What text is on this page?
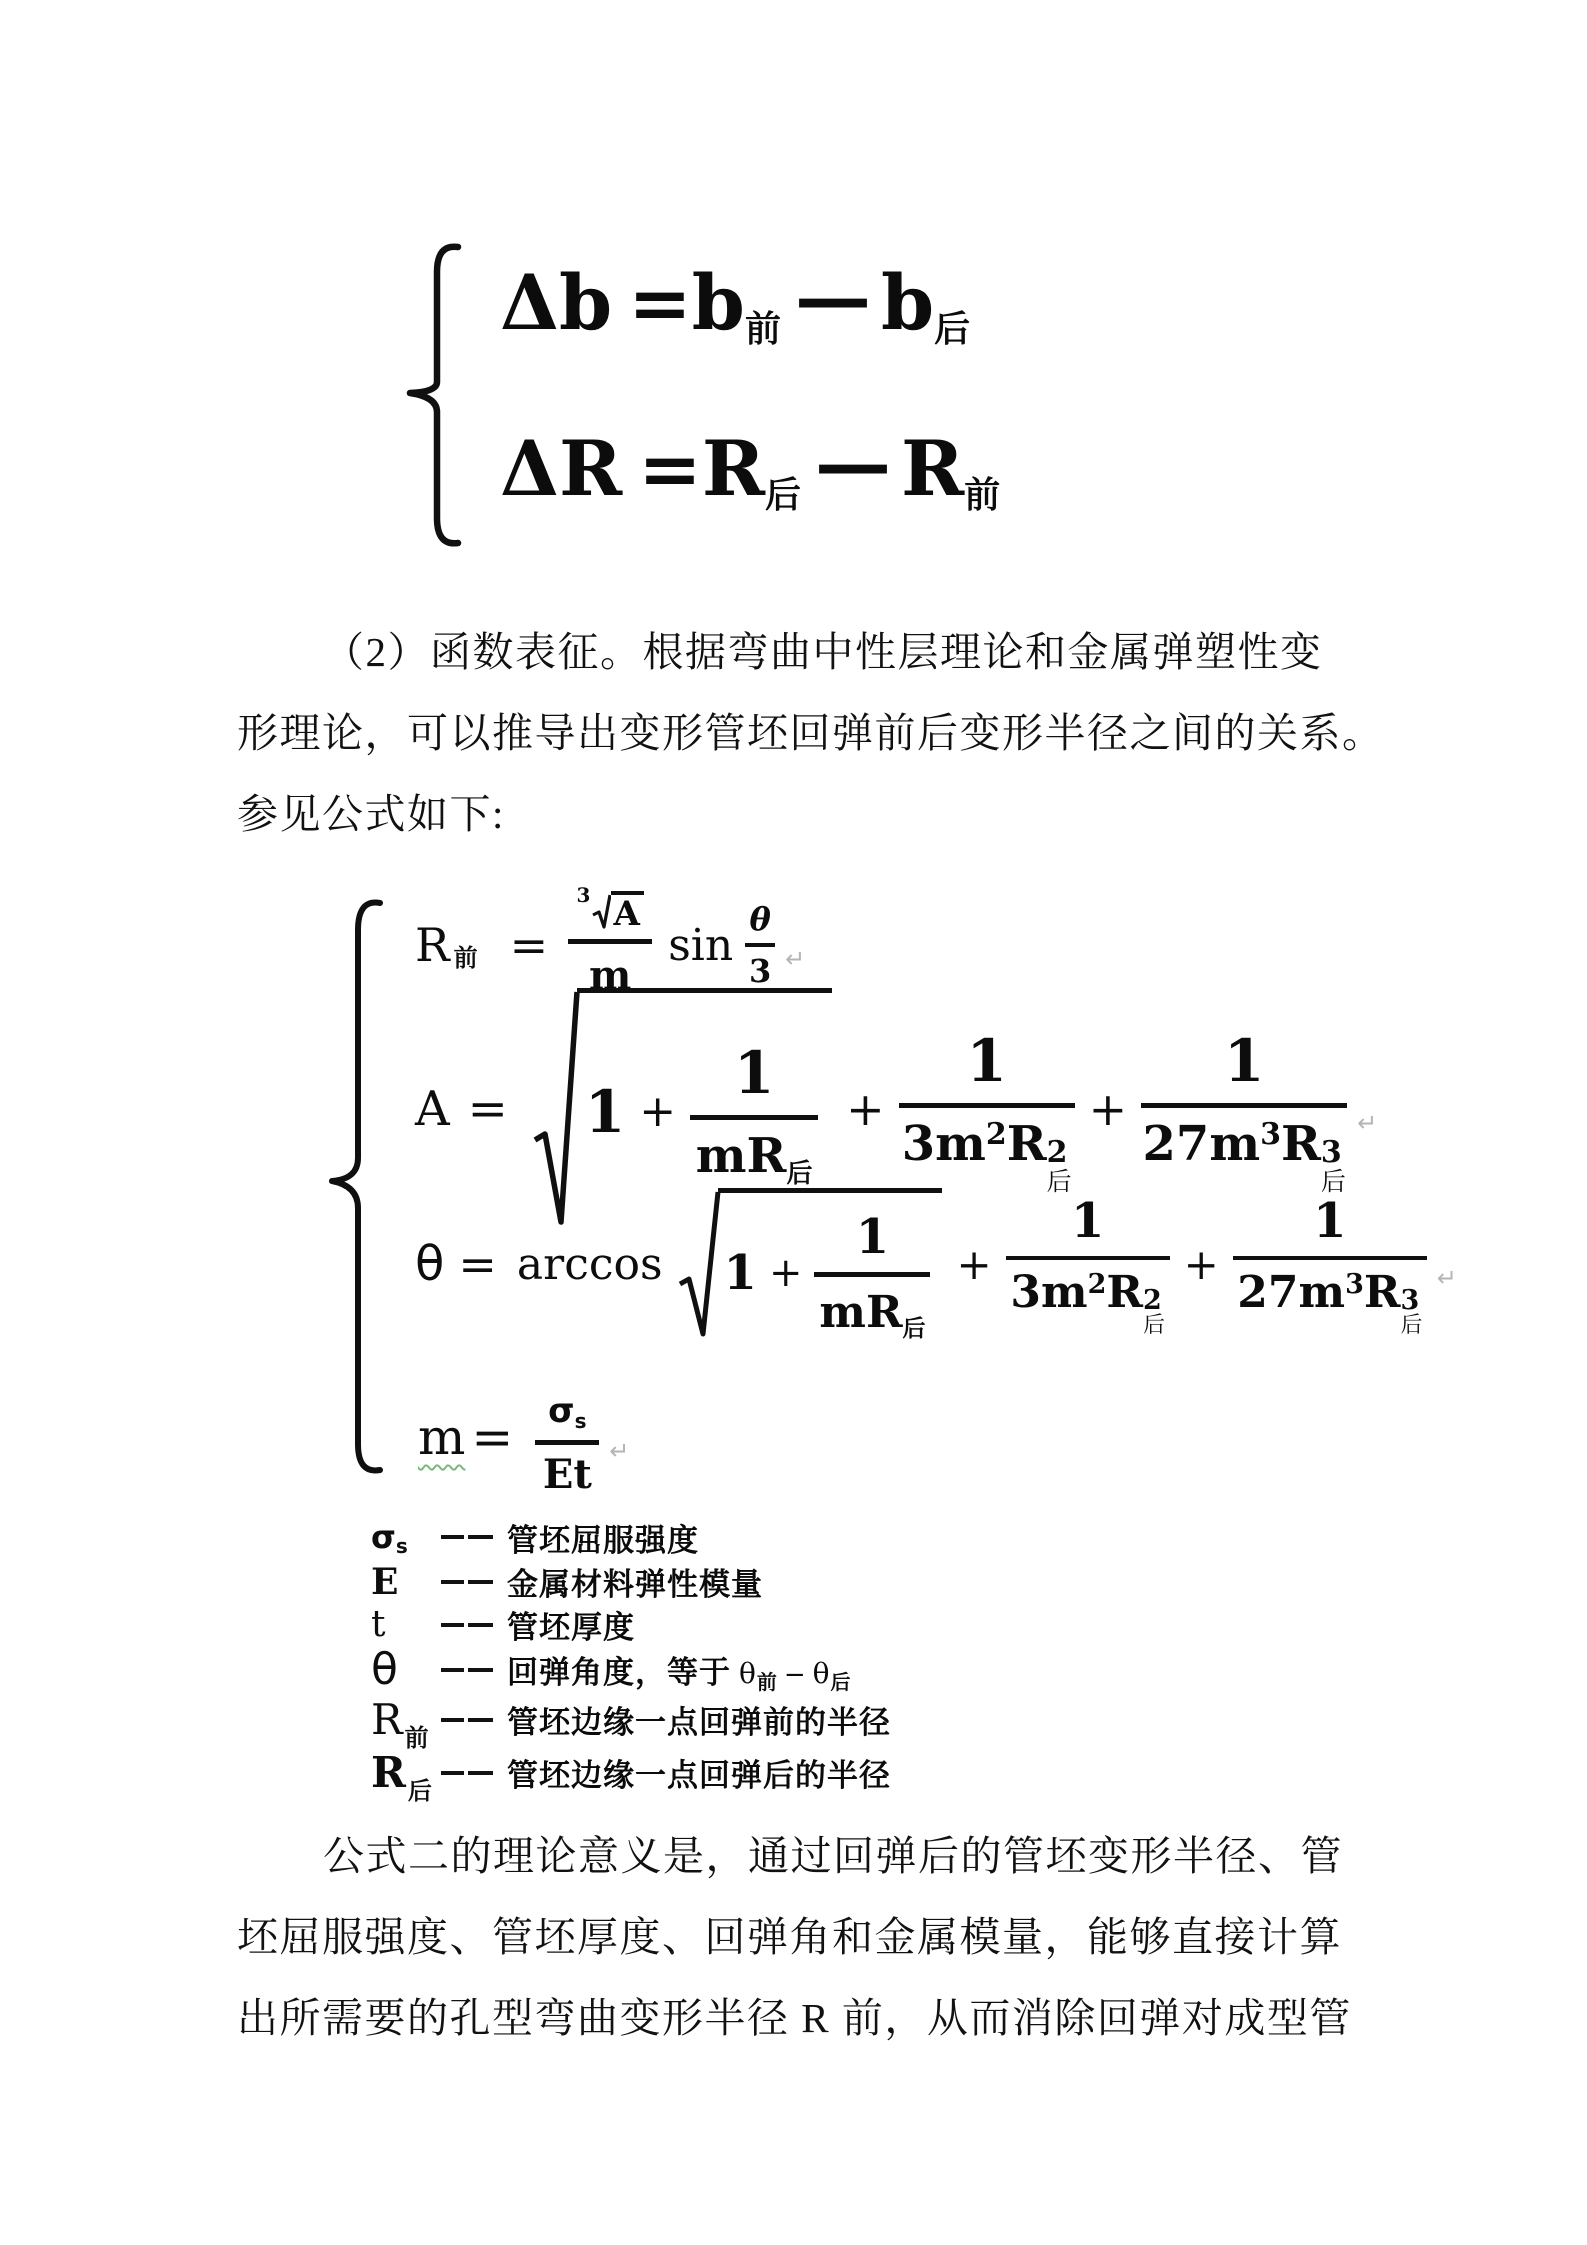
Δb = b 前 — b 后
ΔR = R 后 — R 前
（2）函数表征。根据弯曲中性层理论和金属弹塑性变
形理论，可以推导出变形管坯回弹前后变形半径之间的关系。
参见公式如下:
R 前 =
3 A
m
$\sin \frac{\theta}{3}$ ↵
A = 1 +
1
mR后
+
1
3m 2 R 2
后
+
1
27m 3 R 3
后
↵
θ = arccos 1 +
1
mR后
+
1
3m 2 R 2
后
+
1
27m 3 R 3
后
↵
m = σs
Et ↵
σ s	管坯屈服强度
E	金属材料弹性模量
t	管坯厚度
θ	回弹角度，等于 θ 前 − θ 后
R 前	管坯边缘一点回弹前的半径
R 后 管坯边缘一点回弹后的半径
公式二的理论意义是，通过回弹后的管坯变形半径、管
坯屈服强度、管坯厚度、回弹角和金属模量，能够直接计算
出所需要的孔型弯曲变形半径 R 前，从而消除回弹对成型管
